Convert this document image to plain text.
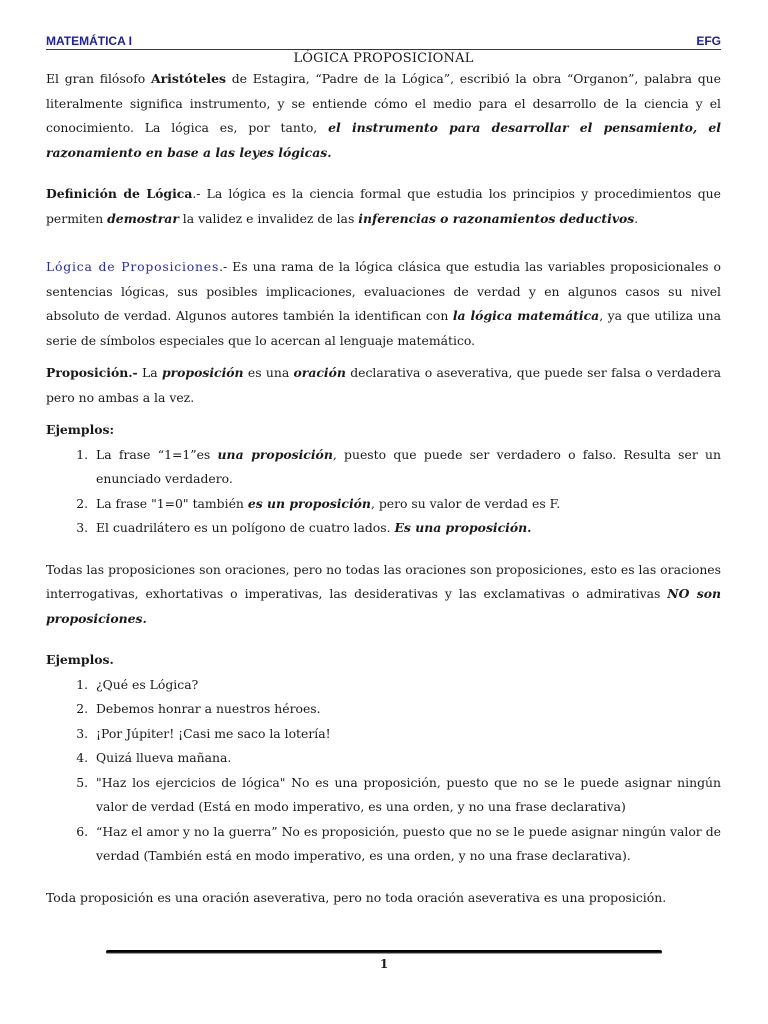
MATEMÁTICA I	EFG
LÓGICA PROPOSICIONAL

El gran filósofo Aristóteles de Estagira, “Padre de la Lógica”, escribió la obra “Organon”, palabra que literalmente significa instrumento, y se entiende cómo el medio para el desarrollo de la ciencia y el conocimiento. La lógica es, por tanto, el instrumento para desarrollar el pensamiento, el razonamiento en base a las leyes lógicas.

Definición de Lógica.- La lógica es la ciencia formal que estudia los principios y procedimientos que permiten demostrar la validez e invalidez de las inferencias o razonamientos deductivos.

Lógica de Proposiciones.- Es una rama de la lógica clásica que estudia las variables proposicionales o sentencias lógicas, sus posibles implicaciones, evaluaciones de verdad y en algunos casos su nivel absoluto de verdad. Algunos autores también la identifican con la lógica matemática, ya que utiliza una serie de símbolos especiales que lo acercan al lenguaje matemático.

Proposición.- La proposición es una oración declarativa o aseverativa, que puede ser falsa o verdadera pero no ambas a la vez.

Ejemplos:

1. La frase “1=1”es una proposición, puesto que puede ser verdadero o falso. Resulta ser un enunciado verdadero.
2. La frase "1=0" también es un proposición, pero su valor de verdad es F.
3. El cuadrilátero es un polígono de cuatro lados. Es una proposición.

Todas las proposiciones son oraciones, pero no todas las oraciones son proposiciones, esto es las oraciones interrogativas, exhortativas o imperativas, las desiderativas y las exclamativas o admirativas NO son proposiciones.

Ejemplos.

1. ¿Qué es Lógica?
2. Debemos honrar a nuestros héroes.
3. ¡Por Júpiter! ¡Casi me saco la lotería!
4. Quizá llueva mañana.
5. "Haz los ejercicios de lógica" No es una proposición, puesto que no se le puede asignar ningún valor de verdad (Está en modo imperativo, es una orden, y no una frase declarativa)
6. “Haz el amor y no la guerra” No es proposición, puesto que no se le puede asignar ningún valor de verdad (También está en modo imperativo, es una orden, y no una frase declarativa).

Toda proposición es una oración aseverativa, pero no toda oración aseverativa es una proposición.

1
